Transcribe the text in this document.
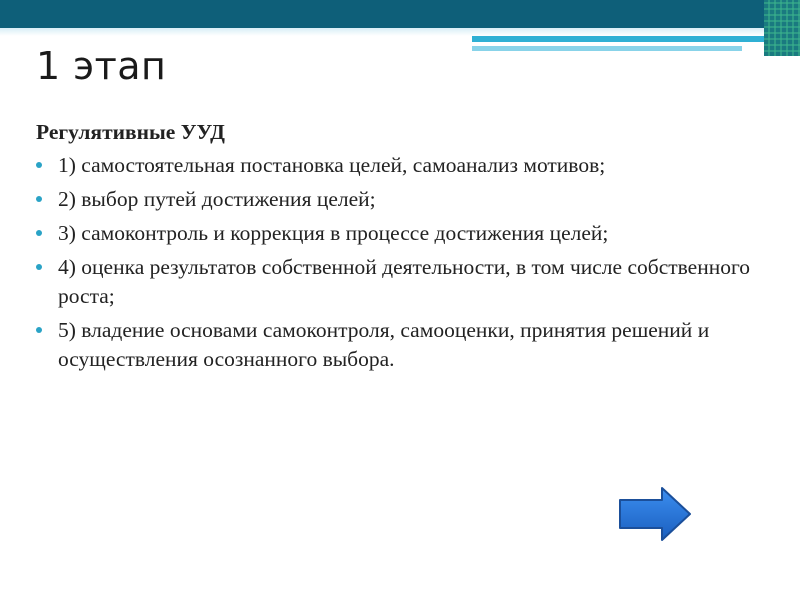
1 этап
Регулятивные УУД
1) самостоятельная постановка целей, самоанализ мотивов;
2) выбор путей достижения целей;
3) самоконтроль и коррекция в процессе достижения целей;
4) оценка результатов собственной деятельности, в том числе собственного роста;
5) владение основами самоконтроля, самооценки, принятия решений и осуществления осознанного выбора.
